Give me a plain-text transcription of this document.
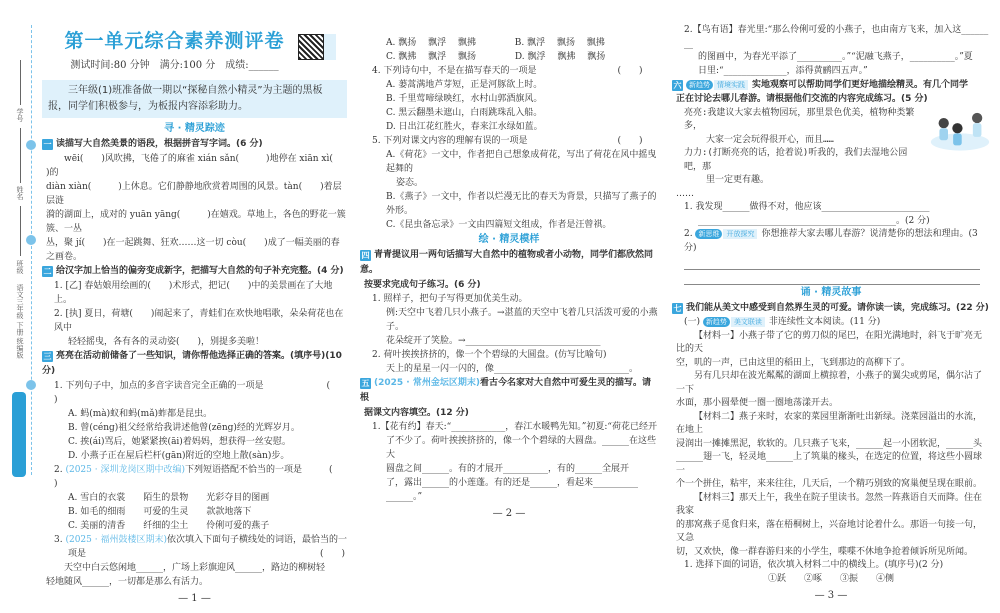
学号
姓名
班级
语文三年级 下册 统编版
第一单元综合素养测评卷
测试时间:80 分钟　满分:100 分　成绩:______
三年级(1)班准备做一期以“探秘自然小精灵”为主题的黑板报，同学们积极参与，为板报内容添彩助力。
寻 · 精灵踪迹
一 读描写大自然美景的语段，根据拼音写字词。(6 分)
wēi(　　)风吹拂，飞倦了的麻雀 xián sǎn(　　　)地停在 xiān xì(　　　)的
diàn xiàn(　　　)上休息。它们静静地欣赏着周围的风景。tàn(　　)着层层涟
漪的湖面上，成对的 yuān yāng(　　　)在嬉戏。草地上，各色的野花一簇簇、一丛
丛，聚 jí(　　)在一起跳舞、狂欢……这一切 còu(　　)成了一幅美丽的春之画卷。
二 给汉字加上恰当的偏旁变成新字，把描写大自然的句子补充完整。(4 分)
1. [乙] 春姑娘用绘画的(　　)术形式，把记(　　)中的美景画在了大地上。
2. [执] 夏日，荷塘(　　)闹起来了，青蛙们在欢快地唱歌，朵朵荷花也在风中
轻轻摇曳，各有各的灵动姿(　　)，别提多美啦！
三 亮亮在活动前储备了一些知识，请你帮他选择正确的答案。(填序号)(10 分)
1. 下列句子中，加点的多音字读音完全正确的一项是　　　　　　　(　　)
A. 蚂(mà)蚁和蚂(mǎ)蚱都是昆虫。
B. 曾(céng)祖父经常给我讲述他曾(zēng)经的光辉岁月。
C. 挨(ái)骂后，她紧紧挨(āi)着妈妈，想获得一丝安慰。
D. 小燕子正在屋后栏杆(gān)附近的空地上散(sàn)步。
2. (2025 · 深圳龙岗区期中改编)下列短语搭配不恰当的一项是　　　(　　)
A. 雪白的衣裳　　陌生的景物　　光彩夺目的图画
B. 如毛的细雨　　可爱的生灵　　款款地落下
C. 美丽的清香　　纤细的尘土　　伶俐可爱的燕子
3. (2025 · 福州鼓楼区期末)依次填入下面句子横线处的词语，最恰当的一
项是　　　　　　　　　　　　　　　　　　　　　　　　　　(　　)
天空中白云悠闲地______，广场上彩旗迎风______，路边的柳树轻
轻地随风______，一切都是那么有活力。
— 1 —
A. 飘扬　 飘浮　 飘拂　　　　 B. 飘浮　 飘扬　 飘拂
C. 飘拂　 飘浮　 飘扬　　　　 D. 飘浮　 飘拂　 飘扬
4. 下列诗句中，不是在描写春天的一项是　　　　　　　　　(　　)
A. 蒌蒿满地芦芽短，正是河豚欲上时。
B. 千里莺啼绿映红，水村山郭酒旗风。
C. 黑云翻墨未遮山，白雨跳珠乱入船。
D. 日出江花红胜火，春来江水绿如蓝。
5. 下列对课文内容的理解有误的一项是　　　　　　　　　　(　　)
A.《荷花》一文中，作者把自己想象成荷花，写出了荷花在风中摇曳起舞的
姿态。
B.《燕子》一文中，作者以烂漫无比的春天为背景，只描写了燕子的外形。
C.《昆虫备忘录》一文由四篇短文组成，作者是汪曾祺。
绘 · 精灵模样
四 青青提议用一两句话描写大自然中的植物或者小动物，同学们都欣然同意。
按要求完成句子练习。(6 分)
1. 照样子，把句子写得更加优美生动。
例:天空中飞着几只小燕子。→湛蓝的天空中飞着几只活泼可爱的小燕子。
花朵绽开了笑脸。→______________________________
2. 荷叶挨挨挤挤的，像一个个碧绿的大圆盘。(仿写比喻句)
天上的星星一闪一闪的，像______________________________。
五 (2025 · 常州金坛区期末)看古今名家对大自然中可爱生灵的描写。请根
据课文内容填空。(12 分)
1.【花有约】春天:“____________，春江水暖鸭先知。”初夏:“荷花已经开
了不少了。荷叶挨挨挤挤的，像一个个碧绿的大圆盘。______在这些大
圆盘之间______。有的才展开__________，有的______全展开
了，露出______的小莲蓬。有的还是______，看起来__________
______。”
— 2 —
2.【鸟有语】春光里:“那么伶俐可爱的小燕子，也由南方飞来，加入这________
的图画中，为春光平添了__________。”“泥融飞燕子，__________。”夏
日里:“______________，添得黄鹂四五声。”
六 新趋势 情境实践 实地观察可以帮助同学们更好地描绘精灵。有几个同学
正在讨论去哪儿春游。请根据他们交流的内容完成练习。(5 分)
亮亮:我建议大家去植物园玩，那里景色优美，植物种类繁多，
大家一定会玩得很开心，而且……
力力:(打断亮亮的话，抢着说)听我的，我们去湿地公园吧，那
里一定更有趣。
……
1. 我发现______做得不对，他应该________________________
____________________________________________。(2 分)
2. 新思维 开放探究 你想推荐大家去哪儿春游？说清楚你的想法和理由。(3 分)
诵 · 精灵故事
七 我们能从美文中感受到自然界生灵的可爱。请你读一读，完成练习。(22 分)
(一) 新趋势 美文联读 非连续性文本阅读。(11 分)
【材料一】小燕子带了它的剪刀似的尾巴，在阳光满地时，斜飞于旷亮无比的天
空，叽的一声，已由这里的稻田上，飞到那边的高柳下了。
另有几只却在波光粼粼的湖面上横掠着，小燕子的翼尖或剪尾，偶尔沾了一下
水面，那小圆晕便一圈一圈地荡漾开去。
【材料二】燕子来时，农家的菜园里渐渐吐出新绿。浇菜园溢出的水流，在地上
浸润出一摊摊黑泥，软软的。几只燕子飞来，______起一小团软泥，______头
______翅一飞，轻灵地______上了筑巢的椽头，在选定的位置，将这些小圆球一
个一个拼住，粘牢，来来往往，几天后，一个精巧别致的窝巢便呈现在眼前。
【材料三】那天上午，我坐在院子里读书。忽然一阵燕语自天而降。住在我家
的那窝燕子觅食归来，落在梧桐树上，兴奋地讨论着什么。那语一句接一句，又急
切，又欢快，像一群春游归来的小学生，喋喋不休地争抢着倾诉所见所闻。
1. 选择下面的词语，依次填入材料二中的横线上。(填序号)(2 分)
①跃　　②啄　　③振　　④侧
— 3 —
